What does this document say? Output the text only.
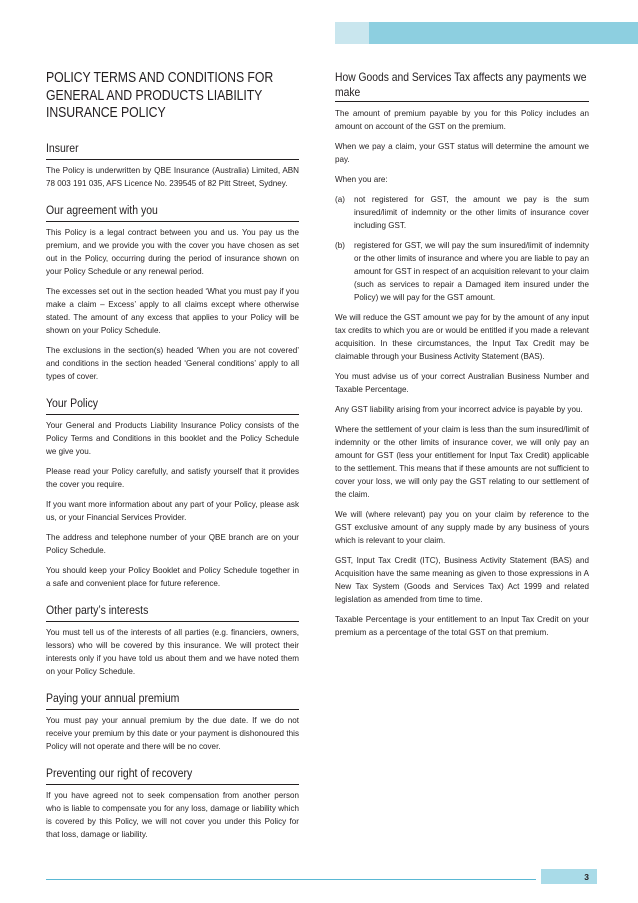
POLICY TERMS AND CONDITIONS FOR GENERAL AND PRODUCTS LIABILITY INSURANCE POLICY
Insurer

The Policy is underwritten by QBE Insurance (Australia) Limited, ABN 78 003 191 035, AFS Licence No. 239545 of 82 Pitt Street, Sydney.

Our agreement with you

This Policy is a legal contract between you and us. You pay us the premium, and we provide you with the cover you have chosen as set out in the Policy, occurring during the period of insurance shown on your Policy Schedule or any renewal period.

The excesses set out in the section headed ‘What you must pay if you make a claim – Excess’ apply to all claims except where otherwise stated. The amount of any excess that applies to your Policy will be shown on your Policy Schedule.

The exclusions in the section(s) headed ‘When you are not covered’ and conditions in the section headed ‘General conditions’ apply to all types of cover.

Your Policy

Your General and Products Liability Insurance Policy consists of the Policy Terms and Conditions in this booklet and the Policy Schedule we give you.

Please read your Policy carefully, and satisfy yourself that it provides the cover you require.

If you want more information about any part of your Policy, please ask us, or your Financial Services Provider.

The address and telephone number of your QBE branch are on your Policy Schedule.

You should keep your Policy Booklet and Policy Schedule together in a safe and convenient place for future reference.

Other party’s interests

You must tell us of the interests of all parties (e.g. financiers, owners, lessors) who will be covered by this insurance. We will protect their interests only if you have told us about them and we have noted them on your Policy Schedule.

Paying your annual premium

You must pay your annual premium by the due date. If we do not receive your premium by this date or your payment is dishonoured this Policy will not operate and there will be no cover.

Preventing our right of recovery

If you have agreed not to seek compensation from another person who is liable to compensate you for any loss, damage or liability which is covered by this Policy, we will not cover you under this Policy for that loss, damage or liability.

How Goods and Services Tax affects any payments we make

The amount of premium payable by you for this Policy includes an amount on account of the GST on the premium.

When we pay a claim, your GST status will determine the amount we pay.

When you are:

(a)	not registered for GST, the amount we pay is the sum insured/limit of indemnity or the other limits of insurance cover including GST.
(b)	registered for GST, we will pay the sum insured/limit of indemnity or the other limits of insurance and where you are liable to pay an amount for GST in respect of an acquisition relevant to your claim (such as services to repair a Damaged item insured under the Policy) we will pay for the GST amount.

We will reduce the GST amount we pay for by the amount of any input tax credits to which you are or would be entitled if you made a relevant acquisition. In these circumstances, the Input Tax Credit may be claimable through your Business Activity Statement (BAS).

You must advise us of your correct Australian Business Number and Taxable Percentage.

Any GST liability arising from your incorrect advice is payable by you.

Where the settlement of your claim is less than the sum insured/limit of indemnity or the other limits of insurance cover, we will only pay an amount for GST (less your entitlement for Input Tax Credit) applicable to the settlement. This means that if these amounts are not sufficient to cover your loss, we will only pay the GST relating to our settlement of the claim.

We will (where relevant) pay you on your claim by reference to the GST exclusive amount of any supply made by any business of yours which is relevant to your claim.

GST, Input Tax Credit (ITC), Business Activity Statement (BAS) and Acquisition have the same meaning as given to those expressions in A New Tax System (Goods and Services Tax) Act 1999 and related legislation as amended from time to time.

Taxable Percentage is your entitlement to an Input Tax Credit on your premium as a percentage of the total GST on that premium.

3
